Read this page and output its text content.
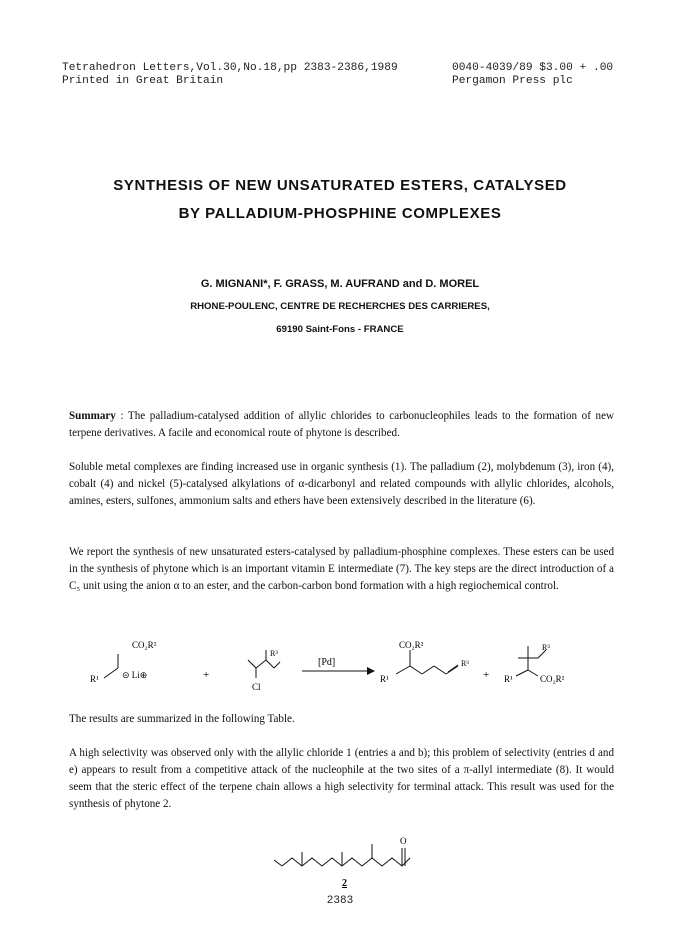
Tetrahedron Letters,Vol.30,No.18,pp 2383-2386,1989
Printed in Great Britain
0040-4039/89 $3.00 + .00
Pergamon Press plc
SYNTHESIS OF NEW UNSATURATED ESTERS, CATALYSED
BY PALLADIUM-PHOSPHINE COMPLEXES
G. MIGNANI*, F. GRASS, M. AUFRAND and D. MOREL
RHONE-POULENC, CENTRE DE RECHERCHES DES CARRIERES,
69190 Saint-Fons - FRANCE

Summary : The palladium-catalysed addition of allylic chlorides to carbonucleophiles leads to the formation of new terpene derivatives. A facile and economical route of phytone is described.

Soluble metal complexes are finding increased use in organic synthesis (1). The palladium (2), molybdenum (3), iron (4), cobalt (4) and nickel (5)-catalysed alkylations of α-dicarbonyl and related compounds with allylic chlorides, alcohols, amines, esters, sulfones, ammonium salts and ethers have been extensively described in the literature (6).

We report the synthesis of new unsaturated esters-catalysed by palladium-phosphine complexes. These esters can be used in the synthesis of phytone which is an important vitamin E intermediate (7). The key steps are the direct introduction of a C₅ unit using the anion α to an ester, and the carbon-carbon bond formation with a high regiochemical control.

CO₂R²
R¹	⊝ Li⊕	+
R³
Cl
[Pd]
CO₂R²
R¹
R³
+
R³
R¹	CO₂R²

The results are summarized in the following Table.

A high selectivity was observed only with the allylic chloride 1 (entries a and b); this problem of selectivity (entries d and e) appears to result from a competitive attack of the nucleophile at the two sites of a π-allyl intermediate (8). It would seem that the steric effect of the terpene chain allows a high selectivity for terminal attack. This result was used for the synthesis of phytone 2.

O
2
2383
